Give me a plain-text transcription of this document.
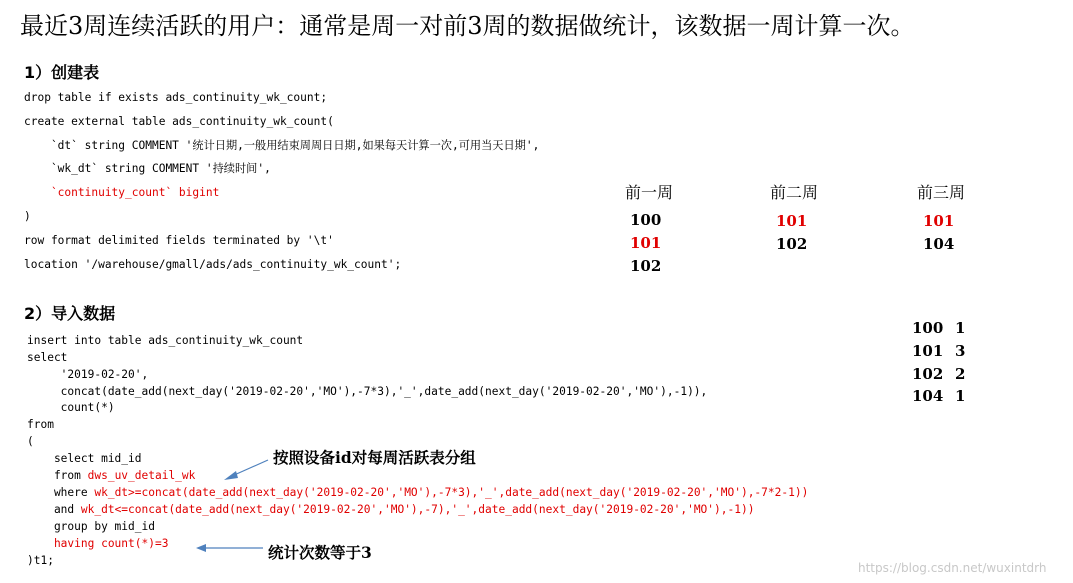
最近3周连续活跃的用户：通常是周一对前3周的数据做统计，该数据一周计算一次。
1）创建表
drop table if exists ads_continuity_wk_count;
create external table ads_continuity_wk_count(
`dt` string COMMENT '统计日期,一般用结束周周日日期,如果每天计算一次,可用当天日期',
`wk_dt` string COMMENT '持续时间',
`continuity_count` bigint
)
row format delimited fields terminated by '\t'
location '/warehouse/gmall/ads/ads_continuity_wk_count';
前一周	前二周	前三周
100
101
102
101
102
101
104
2）导入数据
100 1
101 3
102 2
104 1
insert into table ads_continuity_wk_count
select
'2019-02-20',
concat(date_add(next_day('2019-02-20','MO'),-7*3),'_',date_add(next_day('2019-02-20','MO'),-1)),
count(*)
from
(
select mid_id
from dws_uv_detail_wk
where wk_dt>=concat(date_add(next_day('2019-02-20','MO'),-7*3),'_',date_add(next_day('2019-02-20','MO'),-7*2-1))
and wk_dt<=concat(date_add(next_day('2019-02-20','MO'),-7),'_',date_add(next_day('2019-02-20','MO'),-1))
group by mid_id
having count(*)=3
)t1;
按照设备id对每周活跃表分组
统计次数等于3
https://blog.csdn.net/wuxintdrh
